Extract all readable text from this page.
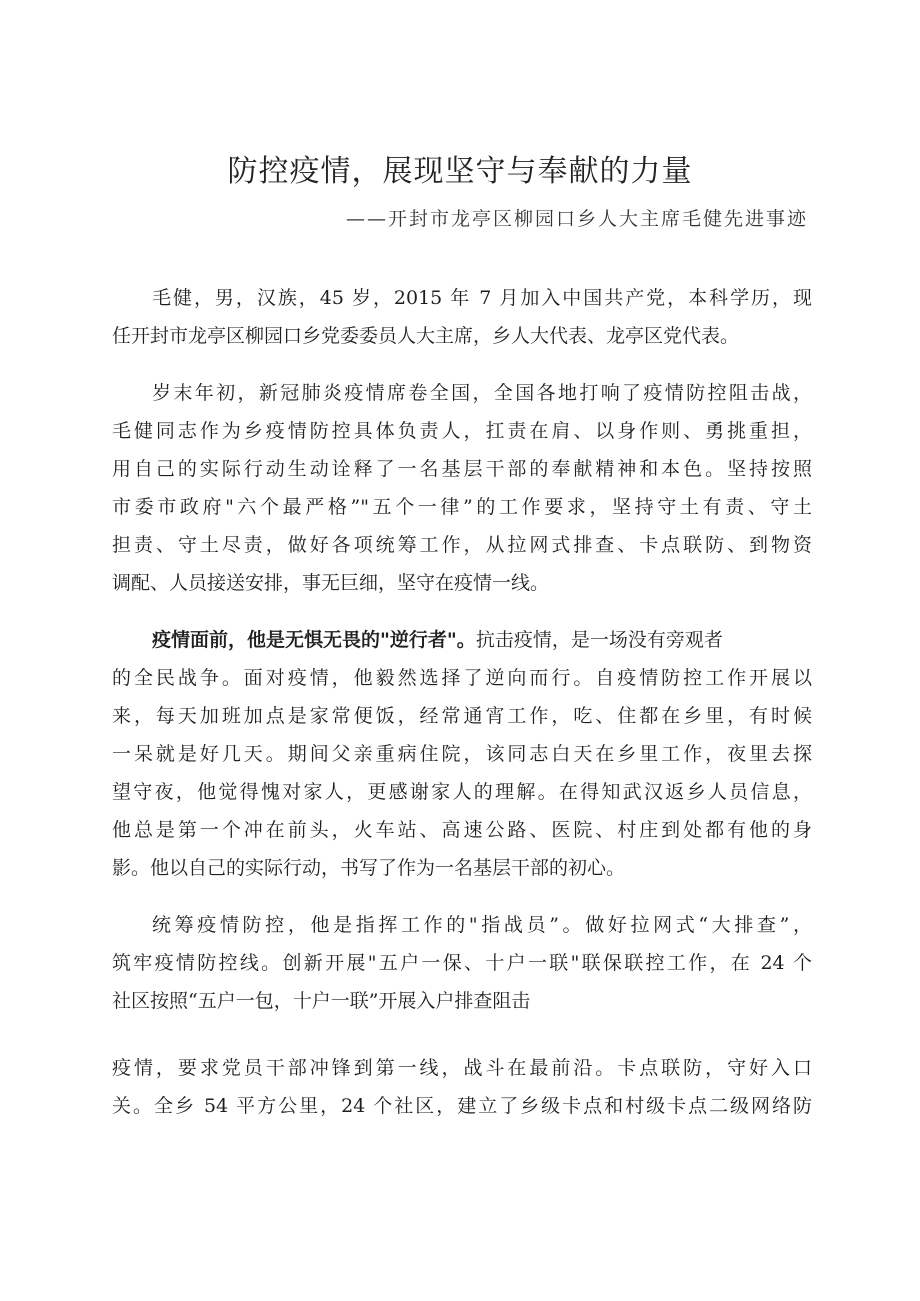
防控疫情，展现坚守与奉献的力量
——开封市龙亭区柳园口乡人大主席毛健先进事迹
毛健，男，汉族，45 岁，2015 年 7 月加入中国共产党，本科学历，现
任开封市龙亭区柳园口乡党委委员人大主席，乡人大代表、龙亭区党代表。
岁末年初，新冠肺炎疫情席卷全国，全国各地打响了疫情防控阻击战，
毛健同志作为乡疫情防控具体负责人，扛责在肩、以身作则、勇挑重担，
用自己的实际行动生动诠释了一名基层干部的奉献精神和本色。坚持按照
市委市政府"六个最严格”"五个一律”的工作要求，坚持守土有责、守土
担责、守土尽责，做好各项统筹工作，从拉网式排查、卡点联防、到物资
调配、人员接送安排，事无巨细，坚守在疫情一线。
疫情面前，他是无惧无畏的"逆行者"。抗击疫情，是一场没有旁观者
的全民战争。面对疫情，他毅然选择了逆向而行。自疫情防控工作开展以
来，每天加班加点是家常便饭，经常通宵工作，吃、住都在乡里，有时候
一呆就是好几天。期间父亲重病住院，该同志白天在乡里工作，夜里去探
望守夜，他觉得愧对家人，更感谢家人的理解。在得知武汉返乡人员信息，
他总是第一个冲在前头，火车站、高速公路、医院、村庄到处都有他的身
影。他以自己的实际行动，书写了作为一名基层干部的初心。
统筹疫情防控，他是指挥工作的"指战员”。做好拉网式“大排查”，
筑牢疫情防控线。创新开展"五户一保、十户一联"联保联控工作，在 24 个
社区按照“五户一包，十户一联”开展入户排查阻击
疫情，要求党员干部冲锋到第一线，战斗在最前沿。卡点联防，守好入口
关。全乡 54 平方公里，24 个社区，建立了乡级卡点和村级卡点二级网络防
